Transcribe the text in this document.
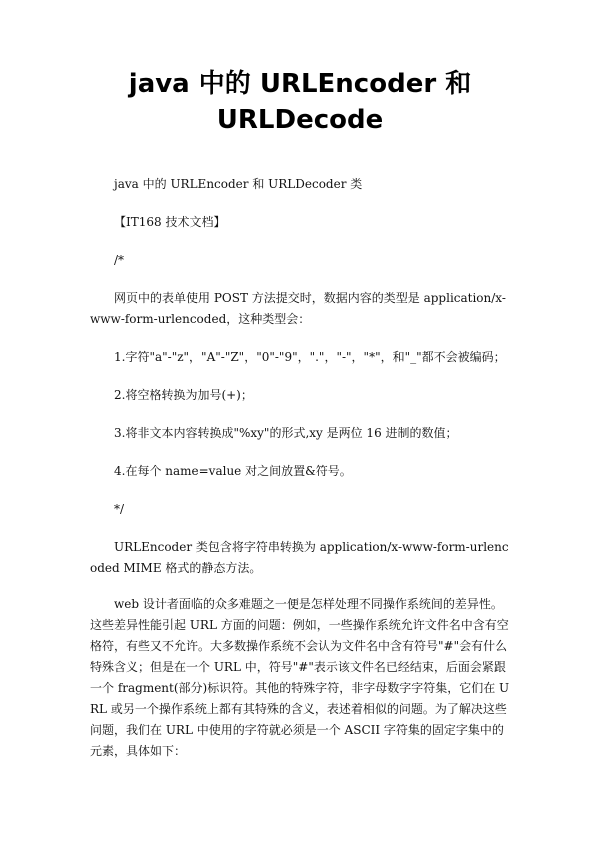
java 中的 URLEncoder 和
URLDecode

java 中的 URLEncoder 和 URLDecoder 类

【IT168 技术文档】

/*

网页中的表单使用 POST 方法提交时，数据内容的类型是 application/x-www-form-urlencoded，这种类型会：

1.字符"a"-"z"，"A"-"Z"，"0"-"9"，"."，"-"，"*"，和"_"都不会被编码；

2.将空格转换为加号(+)；

3.将非文本内容转换成"%xy"的形式,xy 是两位 16 进制的数值；

4.在每个 name=value 对之间放置&符号。

*/

URLEncoder 类包含将字符串转换为 application/x-www-form-urlencoded MIME 格式的静态方法。

web 设计者面临的众多难题之一便是怎样处理不同操作系统间的差异性。这些差异性能引起 URL 方面的问题：例如，一些操作系统允许文件名中含有空格符，有些又不允许。大多数操作系统不会认为文件名中含有符号"#"会有什么特殊含义；但是在一个 URL 中，符号"#"表示该文件名已经结束，后面会紧跟一个 fragment(部分)标识符。其他的特殊字符，非字母数字字符集，它们在 URL 或另一个操作系统上都有其特殊的含义，表述着相似的问题。为了解决这些问题，我们在 URL 中使用的字符就必须是一个 ASCII 字符集的固定字集中的元素，具体如下：
